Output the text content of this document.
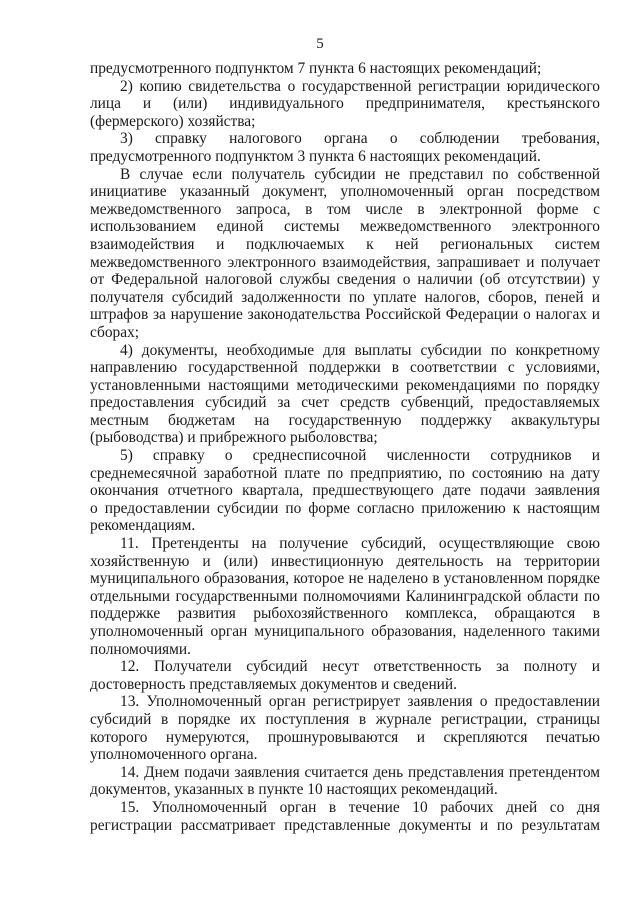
5
предусмотренного подпунктом 7 пункта 6 настоящих рекомендаций;
2) копию свидетельства о государственной регистрации юридического
лица и (или) индивидуального предпринимателя, крестьянского
(фермерского) хозяйства;
3) справку налогового органа о соблюдении требования,
предусмотренного подпунктом 3 пункта 6 настоящих рекомендаций.
В случае если получатель субсидии не представил по собственной
инициативе указанный документ, уполномоченный орган посредством
межведомственного запроса, в том числе в электронной форме с
использованием единой системы межведомственного электронного
взаимодействия и подключаемых к ней региональных систем
межведомственного электронного взаимодействия, запрашивает и получает
от Федеральной налоговой службы сведения о наличии (об отсутствии) у
получателя субсидий задолженности по уплате налогов, сборов, пеней и
штрафов за нарушение законодательства Российской Федерации о налогах и
сборах;
4) документы, необходимые для выплаты субсидии по конкретному
направлению государственной поддержки в соответствии с условиями,
установленными настоящими методическими рекомендациями по порядку
предоставления субсидий за счет средств субвенций, предоставляемых
местным бюджетам на государственную поддержку аквакультуры
(рыбоводства) и прибрежного рыболовства;
5) справку о среднесписочной численности сотрудников и
среднемесячной заработной плате по предприятию, по состоянию на дату
окончания отчетного квартала, предшествующего дате подачи заявления
о предоставлении субсидии по форме согласно приложению к настоящим
рекомендациям.
11. Претенденты на получение субсидий, осуществляющие свою
хозяйственную и (или) инвестиционную деятельность на территории
муниципального образования, которое не наделено в установленном порядке
отдельными государственными полномочиями Калининградской области по
поддержке развития рыбохозяйственного комплекса, обращаются в
уполномоченный орган муниципального образования, наделенного такими
полномочиями.
12. Получатели субсидий несут ответственность за полноту и
достоверность представляемых документов и сведений.
13. Уполномоченный орган регистрирует заявления о предоставлении
субсидий в порядке их поступления в журнале регистрации, страницы
которого нумеруются, прошнуровываются и скрепляются печатью
уполномоченного органа.
14. Днем подачи заявления считается день представления претендентом
документов, указанных в пункте 10 настоящих рекомендаций.
15. Уполномоченный орган в течение 10 рабочих дней со дня
регистрации рассматривает представленные документы и по результатам
